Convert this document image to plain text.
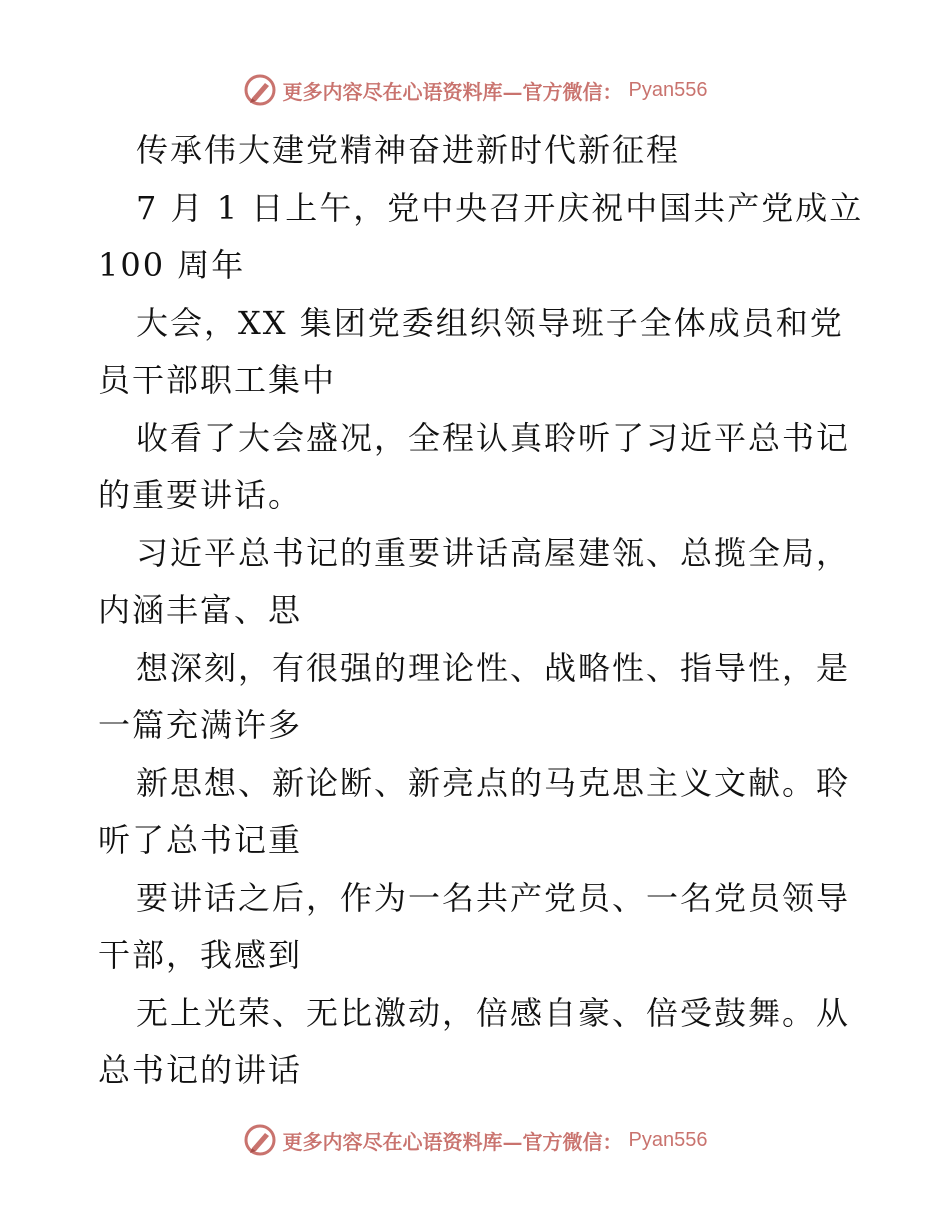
更多内容尽在心语资料库—官方微信： Pyan556
传承伟大建党精神奋进新时代新征程
7 月 1 日上午，党中央召开庆祝中国共产党成立
100 周年
大会，XX 集团党委组织领导班子全体成员和党
员干部职工集中
收看了大会盛况，全程认真聆听了习近平总书记
的重要讲话。
习近平总书记的重要讲话高屋建瓴、总揽全局，
内涵丰富、思
想深刻，有很强的理论性、战略性、指导性，是
一篇充满许多
新思想、新论断、新亮点的马克思主义文献。聆
听了总书记重
要讲话之后，作为一名共产党员、一名党员领导
干部，我感到
无上光荣、无比激动，倍感自豪、倍受鼓舞。从
总书记的讲话
更多内容尽在心语资料库—官方微信： Pyan556
